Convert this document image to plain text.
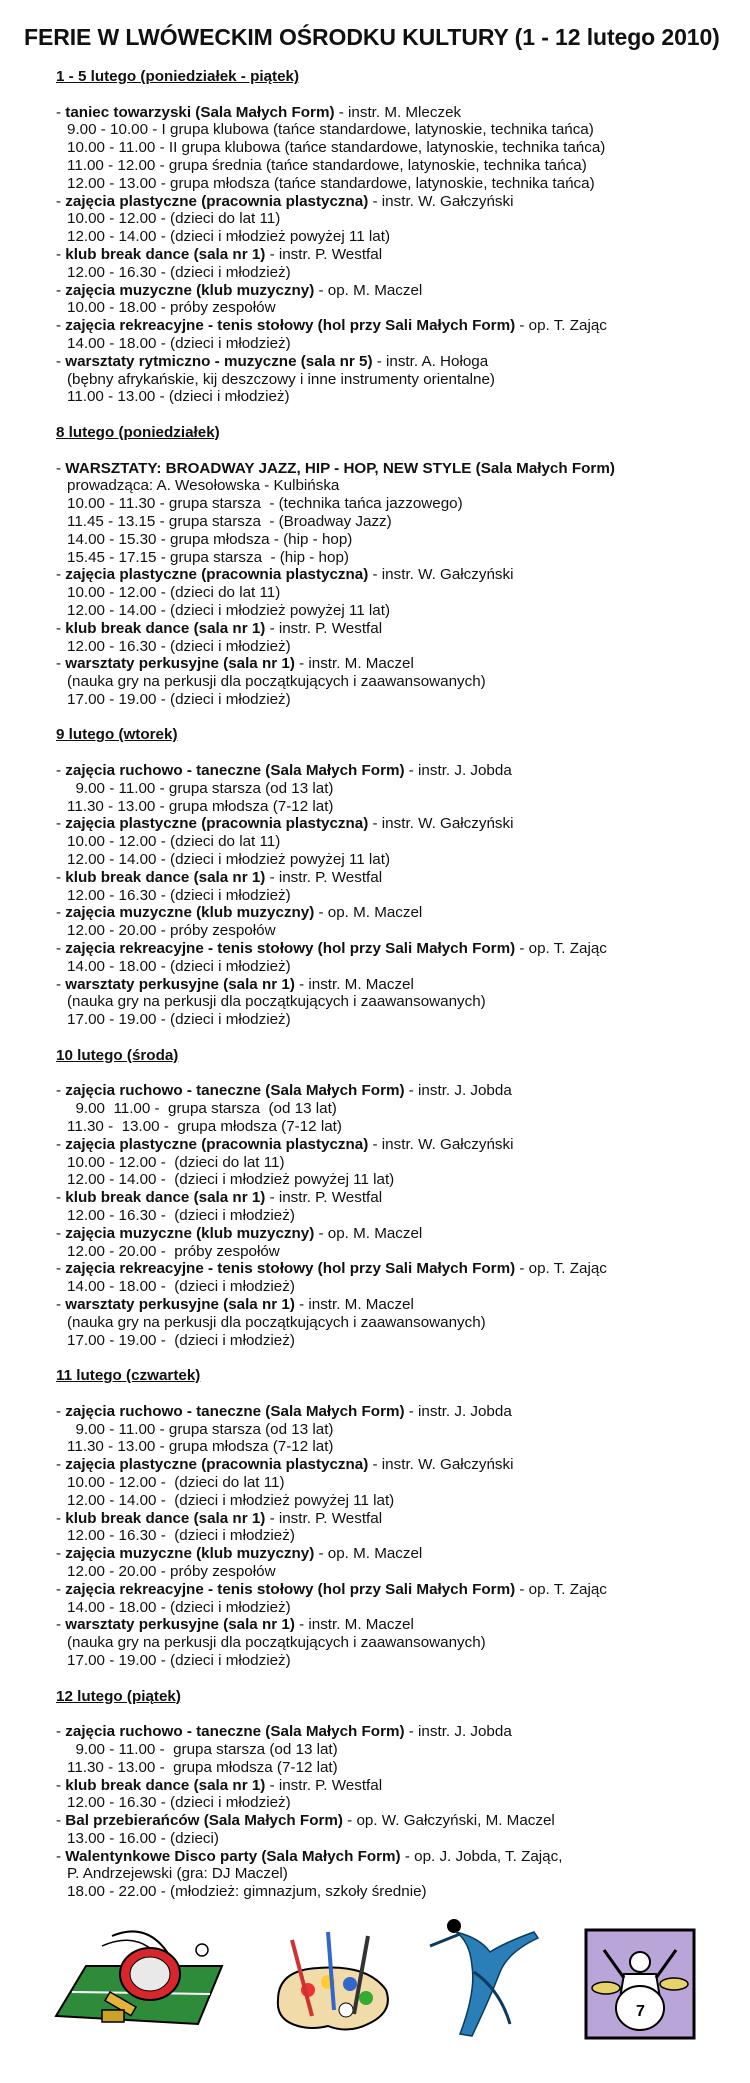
FERIE W LWÓWECKIM OŚRODKU KULTURY (1 - 12 lutego 2010)
1 - 5 lutego (poniedziałek - piątek)
- taniec towarzyski (Sala Małych Form) - instr. M. Mleczek
9.00 - 10.00 - I grupa klubowa (tańce standardowe, latynoskie, technika tańca)
10.00 - 11.00 - II grupa klubowa (tańce standardowe, latynoskie, technika tańca)
11.00 - 12.00 - grupa średnia (tańce standardowe, latynoskie, technika tańca)
12.00 - 13.00 - grupa młodsza (tańce standardowe, latynoskie, technika tańca)
- zajęcia plastyczne (pracownia plastyczna) - instr. W. Gałczyński
10.00 - 12.00 - (dzieci do lat 11)
12.00 - 14.00 - (dzieci i młodzież powyżej 11 lat)
- klub break dance (sala nr 1) - instr. P. Westfal
12.00 - 16.30 - (dzieci i młodzież)
- zajęcia muzyczne (klub muzyczny) - op. M. Maczel
10.00 - 18.00 - próby zespołów
- zajęcia rekreacyjne - tenis stołowy (hol przy Sali Małych Form) - op. T. Zając
14.00 - 18.00 - (dzieci i młodzież)
- warsztaty rytmiczno - muzyczne (sala nr 5) - instr. A. Hołoga
(bębny afrykańskie, kij deszczowy i inne instrumenty orientalne)
11.00 - 13.00 - (dzieci i młodzież)
8 lutego (poniedziałek)
- WARSZTATY: BROADWAY JAZZ, HIP - HOP, NEW STYLE (Sala Małych Form)
prowadząca: A. Wesołowska - Kulbińska
10.00 - 11.30 - grupa starsza  - (technika tańca jazzowego)
11.45 - 13.15 - grupa starsza  - (Broadway Jazz)
14.00 - 15.30 - grupa młodsza - (hip - hop)
15.45 - 17.15 - grupa starsza  - (hip - hop)
- zajęcia plastyczne (pracownia plastyczna) - instr. W. Gałczyński
10.00 - 12.00 - (dzieci do lat 11)
12.00 - 14.00 - (dzieci i młodzież powyżej 11 lat)
- klub break dance (sala nr 1) - instr. P. Westfal
12.00 - 16.30 - (dzieci i młodzież)
- warsztaty perkusyjne (sala nr 1) - instr. M. Maczel
(nauka gry na perkusji dla początkujących i zaawansowanych)
17.00 - 19.00 - (dzieci i młodzież)
9 lutego (wtorek)
- zajęcia ruchowo - taneczne (Sala Małych Form) - instr. J. Jobda
9.00 - 11.00 - grupa starsza (od 13 lat)
11.30 - 13.00 - grupa młodsza (7-12 lat)
- zajęcia plastyczne (pracownia plastyczna) - instr. W. Gałczyński
10.00 - 12.00 - (dzieci do lat 11)
12.00 - 14.00 - (dzieci i młodzież powyżej 11 lat)
- klub break dance (sala nr 1) - instr. P. Westfal
12.00 - 16.30 - (dzieci i młodzież)
- zajęcia muzyczne (klub muzyczny) - op. M. Maczel
12.00 - 20.00 - próby zespołów
- zajęcia rekreacyjne - tenis stołowy (hol przy Sali Małych Form) - op. T. Zając
14.00 - 18.00 - (dzieci i młodzież)
- warsztaty perkusyjne (sala nr 1) - instr. M. Maczel
(nauka gry na perkusji dla początkujących i zaawansowanych)
17.00 - 19.00 - (dzieci i młodzież)
10 lutego (środa)
- zajęcia ruchowo - taneczne (Sala Małych Form) - instr. J. Jobda
9.00  11.00 -  grupa starsza  (od 13 lat)
11.30 -  13.00 -  grupa młodsza (7-12 lat)
- zajęcia plastyczne (pracownia plastyczna) - instr. W. Gałczyński
10.00 - 12.00 -  (dzieci do lat 11)
12.00 - 14.00 -  (dzieci i młodzież powyżej 11 lat)
- klub break dance (sala nr 1) - instr. P. Westfal
12.00 - 16.30 -  (dzieci i młodzież)
- zajęcia muzyczne (klub muzyczny) - op. M. Maczel
12.00 - 20.00 -  próby zespołów
- zajęcia rekreacyjne - tenis stołowy (hol przy Sali Małych Form) - op. T. Zając
14.00 - 18.00 -  (dzieci i młodzież)
- warsztaty perkusyjne (sala nr 1) - instr. M. Maczel
(nauka gry na perkusji dla początkujących i zaawansowanych)
17.00 - 19.00 -  (dzieci i młodzież)
11 lutego (czwartek)
- zajęcia ruchowo - taneczne (Sala Małych Form) - instr. J. Jobda
9.00 - 11.00 - grupa starsza (od 13 lat)
11.30 - 13.00 - grupa młodsza (7-12 lat)
- zajęcia plastyczne (pracownia plastyczna) - instr. W. Gałczyński
10.00 - 12.00 -  (dzieci do lat 11)
12.00 - 14.00 -  (dzieci i młodzież powyżej 11 lat)
- klub break dance (sala nr 1) - instr. P. Westfal
12.00 - 16.30 -  (dzieci i młodzież)
- zajęcia muzyczne (klub muzyczny) - op. M. Maczel
12.00 - 20.00 - próby zespołów
- zajęcia rekreacyjne - tenis stołowy (hol przy Sali Małych Form) - op. T. Zając
14.00 - 18.00 - (dzieci i młodzież)
- warsztaty perkusyjne (sala nr 1) - instr. M. Maczel
(nauka gry na perkusji dla początkujących i zaawansowanych)
17.00 - 19.00 - (dzieci i młodzież)
12 lutego (piątek)
- zajęcia ruchowo - taneczne (Sala Małych Form) - instr. J. Jobda
9.00 - 11.00 -  grupa starsza (od 13 lat)
11.30 - 13.00 -  grupa młodsza (7-12 lat)
- klub break dance (sala nr 1) - instr. P. Westfal
12.00 - 16.30 - (dzieci i młodzież)
- Bal przebierańców (Sala Małych Form) - op. W. Gałczyński, M. Maczel
13.00 - 16.00 - (dzieci)
- Walentynkowe Disco party (Sala Małych Form) - op. J. Jobda, T. Zając,
P. Andrzejewski (gra: DJ Maczel)
18.00 - 22.00 - (młodzież: gimnazjum, szkoły średnie)
7
